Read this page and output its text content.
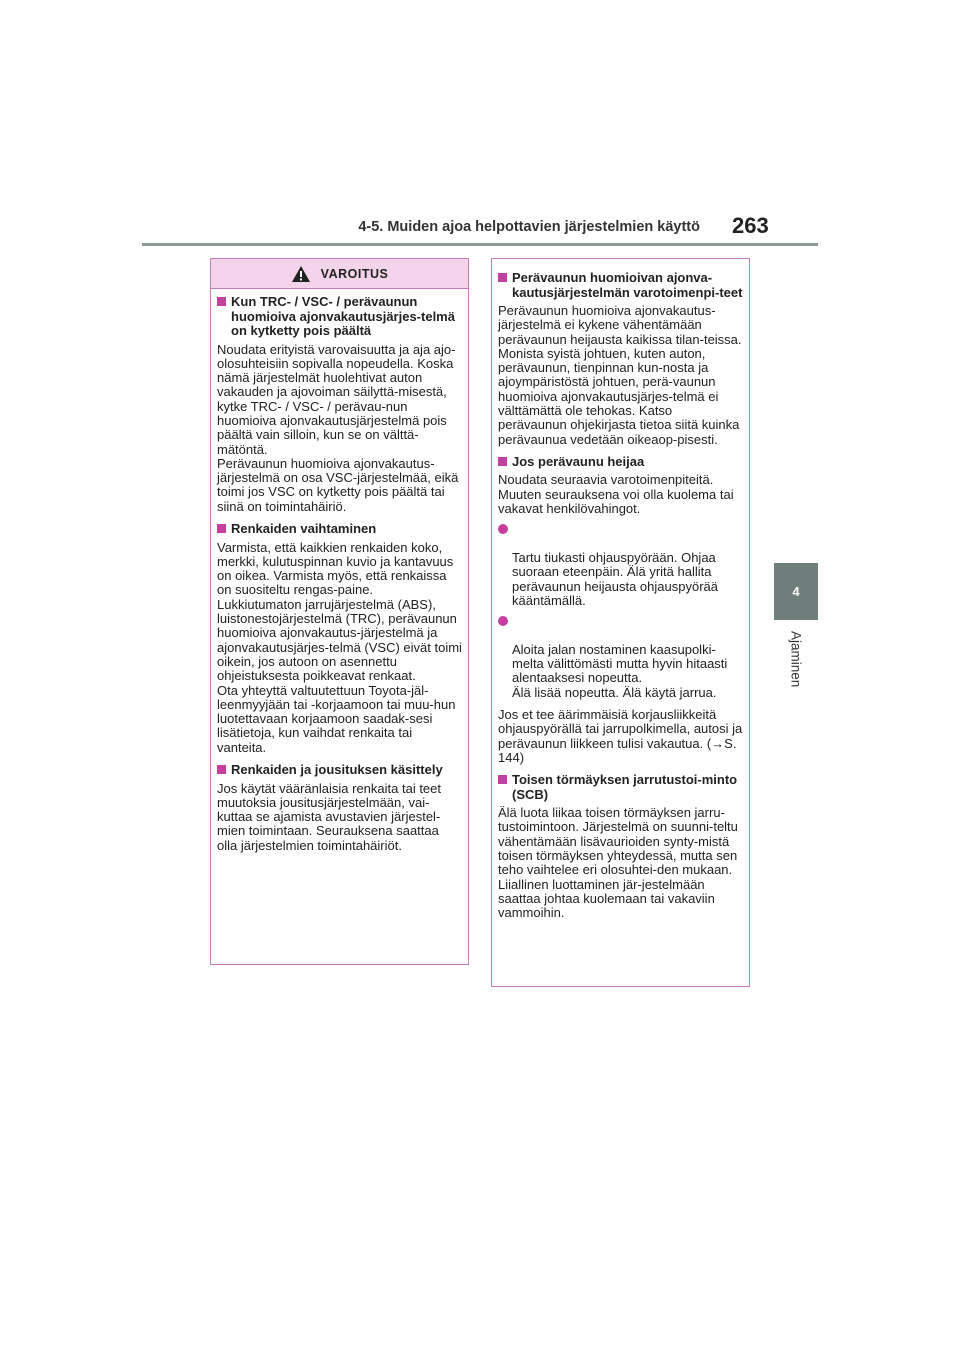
4-5. Muiden ajoa helpottavien järjestelmien käyttö 263
4
Ajaminen
VAROITUS
Kun TRC- / VSC- / perävaunun huomioiva ajonvakautusjärjes-telmä on kytketty pois päältä
Noudata erityistä varovaisuutta ja aja ajo-olosuhteisiin sopivalla nopeudella. Koska nämä järjestelmät huolehtivat auton vakauden ja ajovoiman säilyttä-misestä, kytke TRC- / VSC- / perävau-nun huomioiva ajonvakautusjärjestelmä pois päältä vain silloin, kun se on välttä-mätöntä.
Perävaunun huomioiva ajonvakautus-järjestelmä on osa VSC-järjestelmää, eikä toimi jos VSC on kytketty pois päältä tai siinä on toimintahäiriö.
Renkaiden vaihtaminen
Varmista, että kaikkien renkaiden koko, merkki, kulutuspinnan kuvio ja kantavuus on oikea. Varmista myös, että renkaissa on suositeltu rengas-paine.
Lukkiutumaton jarrujärjestelmä (ABS), luistonestojärjestelmä (TRC), perävaunun huomioiva ajonvakautus-järjestelmä ja ajonvakautusjärjes-telmä (VSC) eivät toimi oikein, jos autoon on asennettu ohjeistuksesta poikkeavat renkaat.
Ota yhteyttä valtuutettuun Toyota-jäl-leenmyyjään tai -korjaamoon tai muu-hun luotettavaan korjaamoon saadak-sesi lisätietoja, kun vaihdat renkaita tai vanteita.
Renkaiden ja jousituksen käsittely
Jos käytät vääränlaisia renkaita tai teet muutoksia jousitusjärjestelmään, vai-kuttaa se ajamista avustavien järjestel-mien toimintaan. Seurauksena saattaa olla järjestelmien toimintahäiriöt.
Perävaunun huomioivan ajonva-kautusjärjestelmän varotoimenpi-teet
Perävaunun huomioiva ajonvakautus-järjestelmä ei kykene vähentämään perävaunun heijausta kaikissa tilan-teissa. Monista syistä johtuen, kuten auton, perävaunun, tienpinnan kun-nosta ja ajoympäristöstä johtuen, perä-vaunun huomioiva ajonvakautusjärjes-telmä ei välttämättä ole tehokas. Katso perävaunun ohjekirjasta tietoa siitä kuinka perävaunua vedetään oikeaop-pisesti.
Jos perävaunu heijaa
Noudata seuraavia varotoimenpiteitä. Muuten seurauksena voi olla kuolema tai vakavat henkilövahingot.

Tartu tiukasti ohjauspyörään. Ohjaa suoraan eteenpäin. Älä yritä hallita perävaunun heijausta ohjauspyörää kääntämällä.

Aloita jalan nostaminen kaasupolki-melta välittömästi mutta hyvin hitaasti alentaaksesi nopeutta.
Älä lisää nopeutta. Älä käytä jarrua.

Jos et tee äärimmäisiä korjausliikkeitä ohjauspyörällä tai jarrupolkimella, autosi ja perävaunun liikkeen tulisi vakautua. (→S. 144)
Toisen törmäyksen jarrutustoi-minto (SCB)
Älä luota liikaa toisen törmäyksen jarru-tustoimintoon. Järjestelmä on suunni-teltu vähentämään lisävaurioiden synty-mistä toisen törmäyksen yhteydessä, mutta sen teho vaihtelee eri olosuhtei-den mukaan. Liiallinen luottaminen jär-jestelmään saattaa johtaa kuolemaan tai vakaviin vammoihin.
